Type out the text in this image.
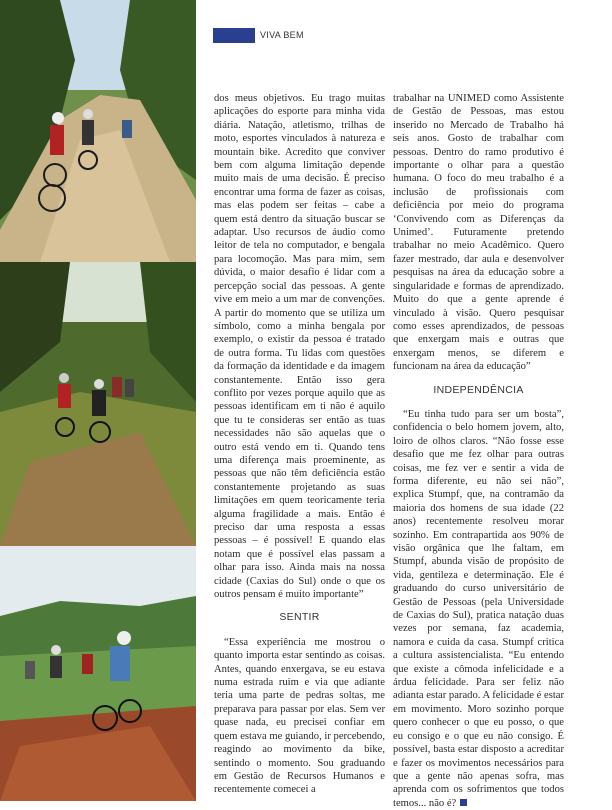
VIVA BEM

dos meus objetivos. Eu trago muitas aplicações do esporte para minha vida diária. Natação, atletismo, trilhas de moto, esportes vinculados à natureza e mountain bike. Acredito que conviver bem com alguma limitação depende muito mais de uma decisão. É preciso encontrar uma forma de fazer as coisas, mas elas podem ser feitas – cabe a quem está dentro da situação buscar se adaptar. Uso recursos de áudio como leitor de tela no computador, e bengala para locomoção. Mas para mim, sem dúvida, o maior desafio é lidar com a percepção social das pessoas. A gente vive em meio a um mar de convenções. A partir do momento que se utiliza um símbolo, como a minha bengala por exemplo, o existir da pessoa é tratado de outra forma. Tu lidas com questões da formação da identidade e da imagem constantemente. Então isso gera conflito por vezes porque aquilo que as pessoas identificam em ti não é aquilo que tu te consideras ser então as tuas necessidades não são aquelas que o outro está vendo em ti. Quando tens uma diferença mais proeminente, as pessoas que não têm deficiência estão constantemente projetando as suas limitações em quem teoricamente teria alguma fragilidade a mais. Então é preciso dar uma resposta a essas pessoas – é possível! E quando elas notam que é possível elas passam a olhar para isso. Ainda mais na nossa cidade (Caxias do Sul) onde o que os outros pensam é muito importante”

SENTIR

“Essa experiência me mostrou o quanto importa estar sentindo as coisas. Antes, quando enxergava, se eu estava numa estrada ruim e via que adiante teria uma parte de pedras soltas, me preparava para passar por elas. Sem ver quase nada, eu precisei confiar em quem estava me guiando, ir percebendo, reagindo ao movimento da bike, sentindo o momento. Sou graduando em Gestão de Recursos Humanos e recentemente comecei a

trabalhar na UNIMED como Assistente de Gestão de Pessoas, mas estou inserido no Mercado de Trabalho há seis anos. Gosto de trabalhar com pessoas. Dentro do ramo produtivo é importante o olhar para a questão humana. O foco do meu trabalho é a inclusão de profissionais com deficiência por meio do programa ‘Convivendo com as Diferenças da Unimed’. Futuramente pretendo trabalhar no meio Acadêmico. Quero fazer mestrado, dar aula e desenvolver pesquisas na área da educação sobre a singularidade e formas de aprendizado. Muito do que a gente aprende é vinculado à visão. Quero pesquisar como esses aprendizados, de pessoas que enxergam mais e outras que enxergam menos, se diferem e funcionam na área da educação”

INDEPENDÊNCIA

“Eu tinha tudo para ser um bosta”, confidencia o belo homem jovem, alto, loiro de olhos claros. “Não fosse esse desafio que me fez olhar para outras coisas, me fez ver e sentir a vida de forma diferente, eu não sei não”, explica Stumpf, que, na contramão da maioria dos homens de sua idade (22 anos) recentemente resolveu morar sozinho. Em contrapartida aos 90% de visão orgânica que lhe faltam, em Stumpf, abunda visão de propósito de vida, gentileza e determinação. Ele é graduando do curso universitário de Gestão de Pessoas (pela Universidade de Caxias do Sul), pratica natação duas vezes por semana, faz academia, namora e cuida da casa. Stumpf critica a cultura assistencialista. “Eu entendo que existe a cômoda infelicidade e a árdua felicidade. Para ser feliz não adianta estar parado. A felicidade é estar em movimento. Moro sozinho porque quero conhecer o que eu posso, o que eu consigo e o que eu não consigo. É possível, basta estar disposto a acreditar e fazer os movimentos necessários para que a gente não apenas sofra, mas aprenda com os sofrimentos que todos temos... não é?
